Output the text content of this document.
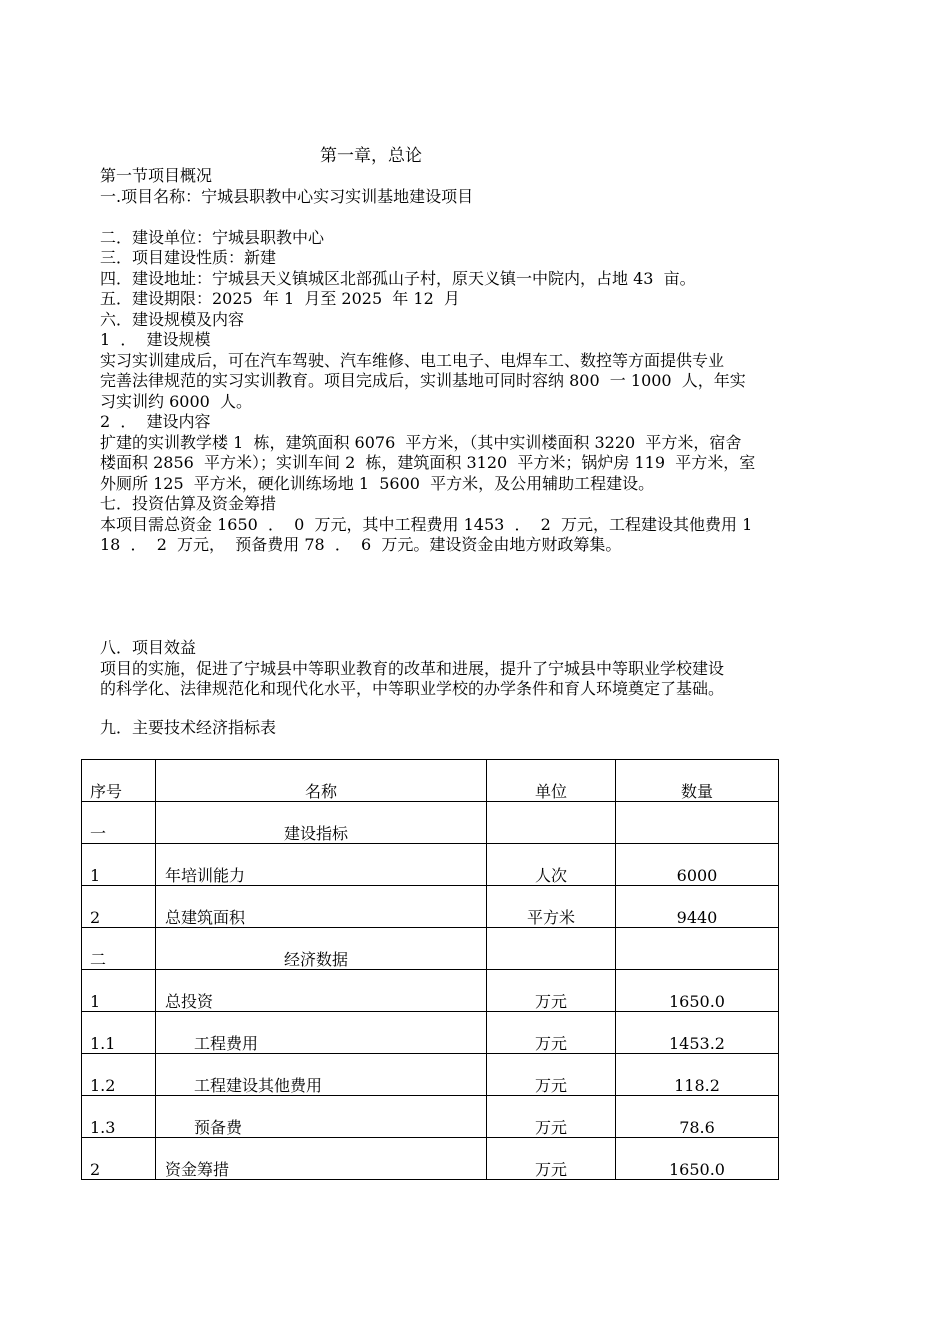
第一章，总论

第一节项目概况

一.项目名称：宁城县职教中心实习实训基地建设项目

二．建设单位：宁城县职教中心

三．项目建设性质：新建

四．建设地址：宁城县天义镇城区北部孤山子村，原天义镇一中院内，占地 43  亩。

五．建设期限：2025  年 1  月至 2025  年 12  月

六．建设规模及内容

1  ．  建设规模

实习实训建成后，可在汽车驾驶、汽车维修、电工电子、电焊车工、数控等方面提供专业

完善法律规范的实习实训教育。项目完成后，实训基地可同时容纳 800  一 1000  人，年实

习实训约 6000  人。

2  ．  建设内容

扩建的实训教学楼 1  栋，建筑面积 6076  平方米，（其中实训楼面积 3220  平方米，宿舍

楼面积 2856  平方米）；实训车间 2  栋，建筑面积 3120  平方米；锅炉房 119  平方米，室

外厕所 125  平方米，硬化训练场地 1  5600  平方米，及公用辅助工程建设。

七．投资估算及资金筹措

本项目需总资金 1650  ．  0  万元，其中工程费用 1453  ．  2  万元，工程建设其他费用 1

18  ．  2  万元，  预备费用 78  ．  6  万元。建设资金由地方财政筹集。

八．项目效益

项目的实施，促进了宁城县中等职业教育的改革和进展，提升了宁城县中等职业学校建设

的科学化、法律规范化和现代化水平，中等职业学校的办学条件和育人环境奠定了基础。

九．主要技术经济指标表
序号	名称	单位	数量

一	建设指标		

1	年培训能力	人次	6000

2	总建筑面积	平方米	9440

二	经济数据		

1	总投资	万元	1650.0

1.1	工程费用	万元	1453.2

1.2	工程建设其他费用	万元	118.2

1.3	预备费	万元	78.6

2	资金筹措	万元	1650.0
